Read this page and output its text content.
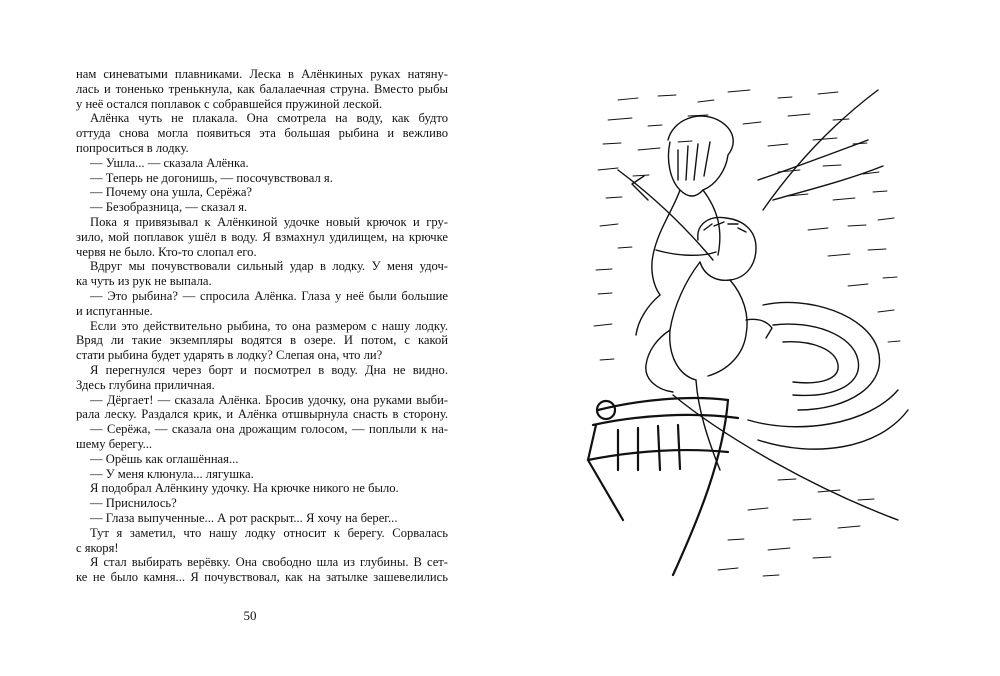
нам синеватыми плавниками. Леска в Алёнкиных руках натяну-
лась и тоненько тренькнула, как балалаечная струна. Вместо рыбы
у неё остался поплавок с собравшейся пружиной леской.
Алёнка чуть не плакала. Она смотрела на воду, как будто
оттуда снова могла появиться эта большая рыбина и вежливо
попроситься в лодку.
— Ушла... — сказала Алёнка.
— Теперь не догонишь, — посочувствовал я.
— Почему она ушла, Серёжа?
— Безобразница, — сказал я.
Пока я привязывал к Алёнкиной удочке новый крючок и гру-
зило, мой поплавок ушёл в воду. Я взмахнул удилищем, на крючке
червя не было. Кто-то слопал его.
Вдруг мы почувствовали сильный удар в лодку. У меня удоч-
ка чуть из рук не выпала.
— Это рыбина? — спросила Алёнка. Глаза у неё были большие
и испуганные.
Если это действительно рыбина, то она размером с нашу лодку.
Вряд ли такие экземпляры водятся в озере. И потом, с какой
стати рыбина будет ударять в лодку? Слепая она, что ли?
Я перегнулся через борт и посмотрел в воду. Дна не видно.
Здесь глубина приличная.
— Дёргает! — сказала Алёнка. Бросив удочку, она руками выби-
рала леску. Раздался крик, и Алёнка отшвырнула снасть в сторону.
— Серёжа, — сказала она дрожащим голосом, — поплыли к на-
шему берегу...
— Орёшь как оглашённая...
— У меня клюнула... лягушка.
Я подобрал Алёнкину удочку. На крючке никого не было.
— Приснилось?
— Глаза выпученные... А рот раскрыт... Я хочу на берег...
Тут я заметил, что нашу лодку относит к берегу. Сорвалась
с якоря!
Я стал выбирать верёвку. Она свободно шла из глубины. В сет-
ке не было камня... Я почувствовал, как на затылке зашевелились
50
